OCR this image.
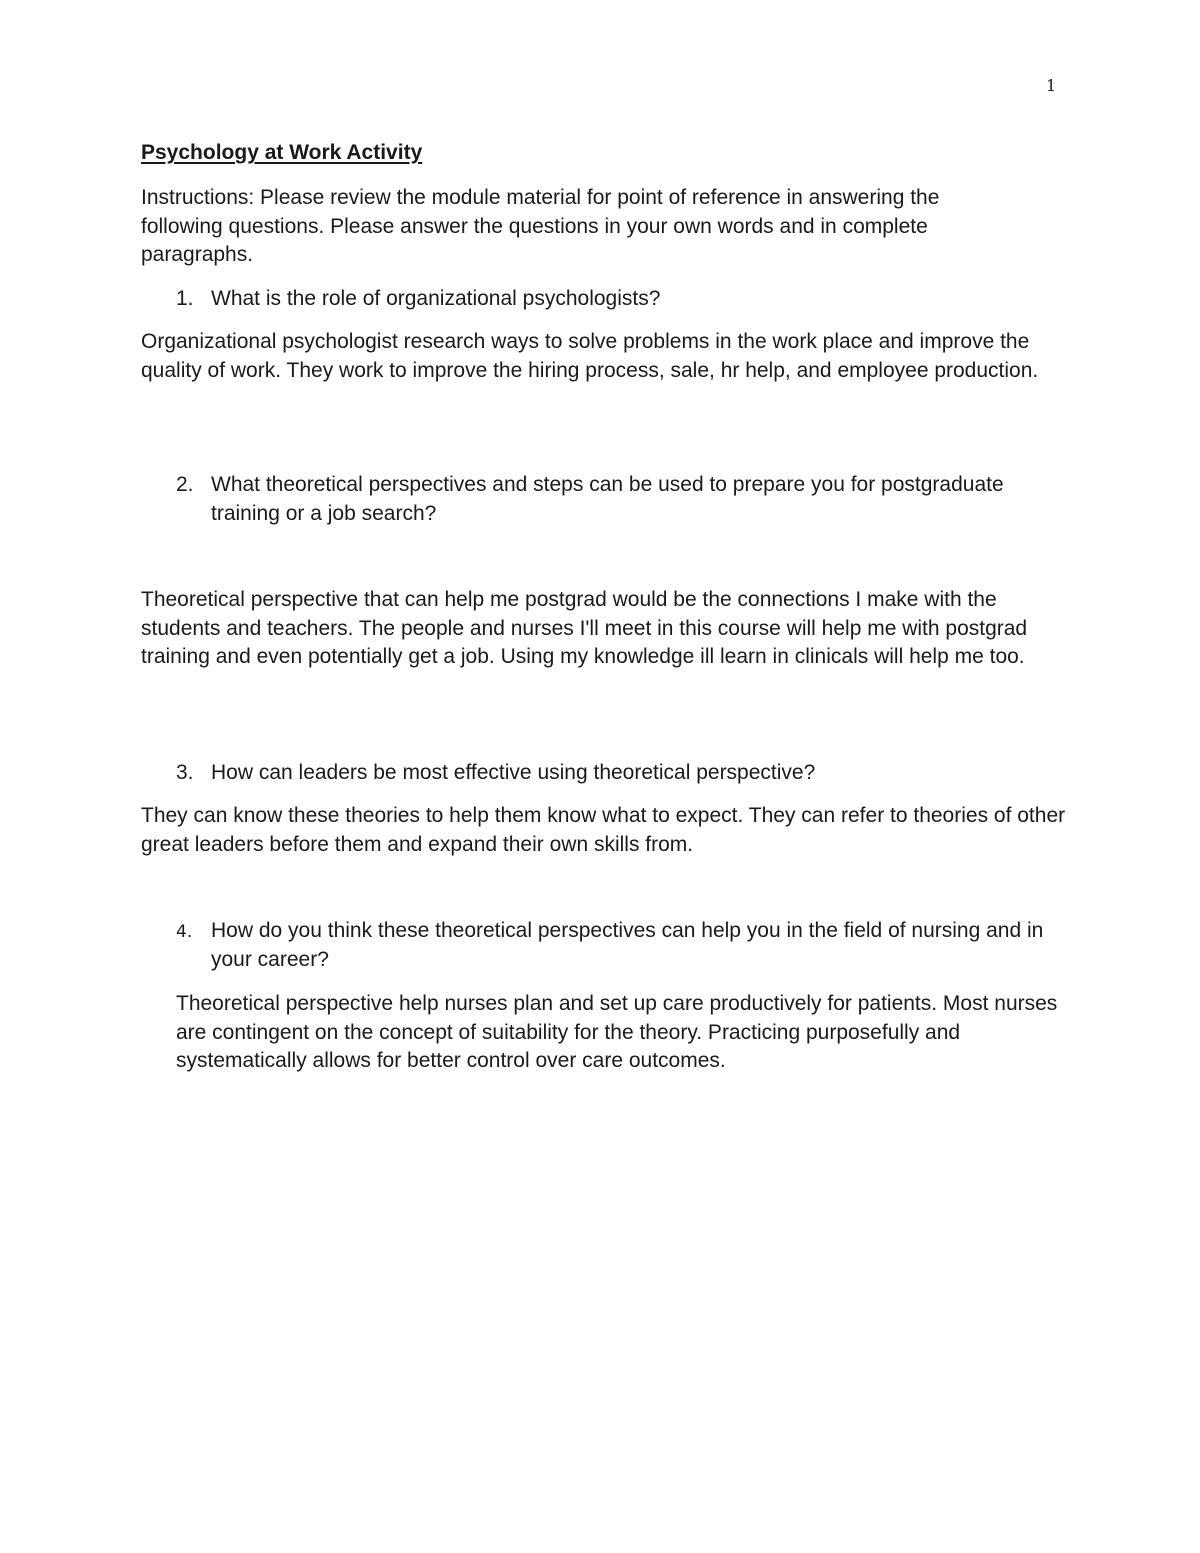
1
Psychology at Work Activity

Instructions: Please review the module material for point of reference in answering the following questions. Please answer the questions in your own words and in complete paragraphs.

1. What is the role of organizational psychologists?

Organizational psychologist research ways to solve problems in the work place and improve the quality of work. They work to improve the hiring process, sale, hr help, and employee production.

2. What theoretical perspectives and steps can be used to prepare you for postgraduate training or a job search?

Theoretical perspective that can help me postgrad would be the connections I make with the students and teachers. The people and nurses I'll meet in this course will help me with postgrad training and even potentially get a job. Using my knowledge ill learn in clinicals will help me too.

3. How can leaders be most effective using theoretical perspective?

They can know these theories to help them know what to expect. They can refer to theories of other great leaders before them and expand their own skills from.

4. How do you think these theoretical perspectives can help you in the field of nursing and in your career?

Theoretical perspective help nurses plan and set up care productively for patients. Most nurses are contingent on the concept of suitability for the theory. Practicing purposefully and systematically allows for better control over care outcomes.
